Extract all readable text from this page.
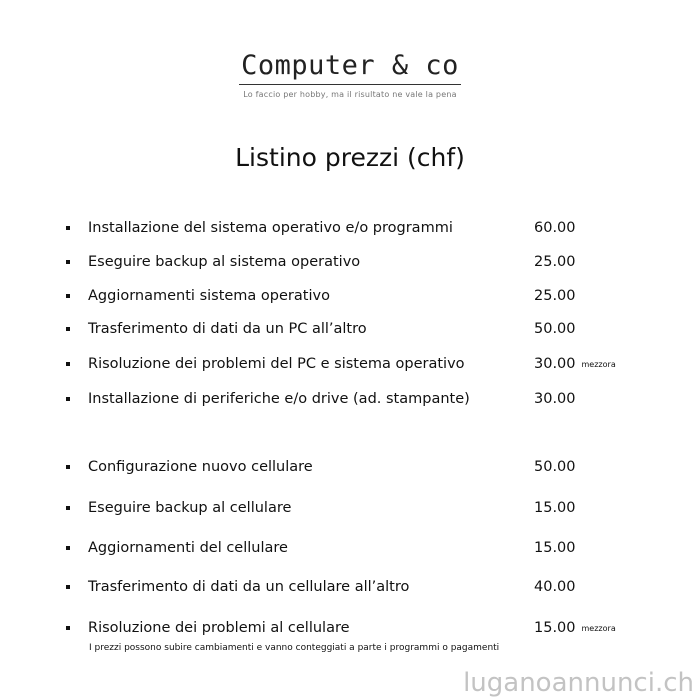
Computer & co
Lo faccio per hobby, ma il risultato ne vale la pena
Listino prezzi (chf)
Installazione del sistema operativo e/o programmi	60.00
Eseguire backup al sistema operativo	25.00
Aggiornamenti sistema operativo	25.00
Trasferimento di dati da un PC all’altro	50.00
Risoluzione dei problemi del PC e sistema operativo	30.00 mezzora
Installazione di periferiche e/o drive (ad. stampante)	30.00
Configurazione nuovo cellulare	50.00
Eseguire backup al cellulare	15.00
Aggiornamenti del cellulare	15.00
Trasferimento di dati da un cellulare all’altro	40.00
Risoluzione dei problemi al cellulare	15.00 mezzora
I prezzi possono subire cambiamenti e vanno conteggiati a parte i programmi o pagamenti
luganoannunci.ch
